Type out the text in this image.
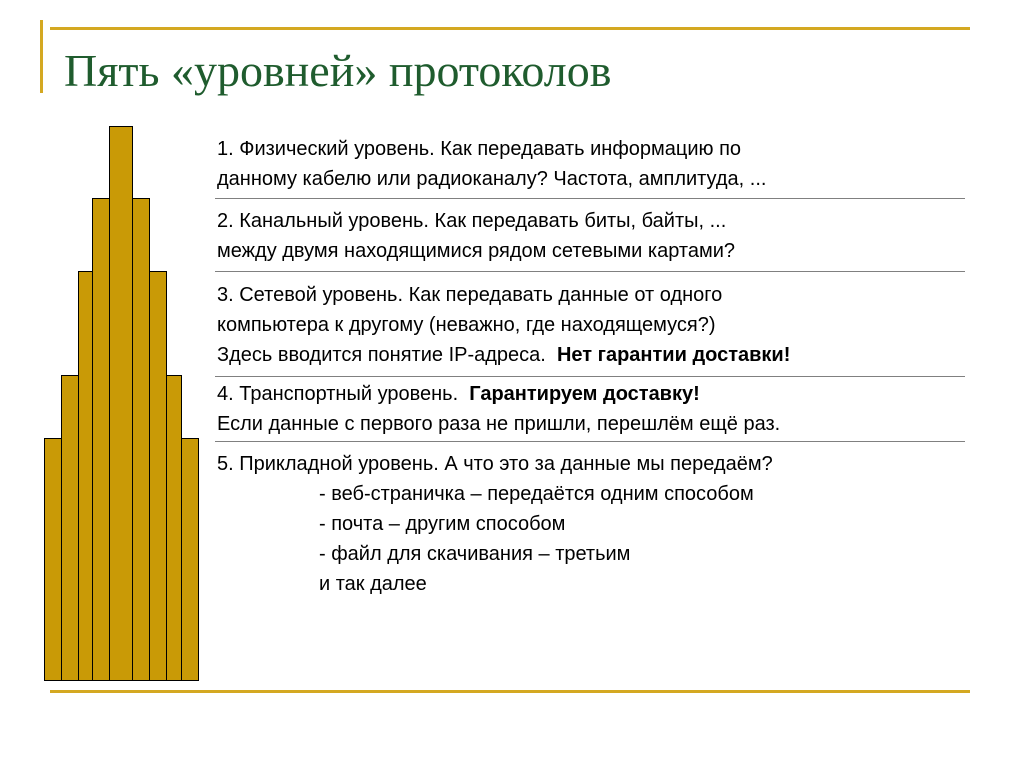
Пять «уровней» протоколов
1. Физический уровень. Как передавать информацию по
данному кабелю или радиоканалу? Частота, амплитуда, ...
2. Канальный уровень. Как передавать биты, байты, ...
между двумя находящимися рядом сетевыми картами?
3. Сетевой уровень. Как передавать данные от одного
компьютера к другому (неважно, где находящемуся?)
Здесь вводится понятие IP-адреса. Нет гарантии доставки!
4. Транспортный уровень. Гарантируем доставку!
Если данные с первого раза не пришли, перешлём ещё раз.
5. Прикладной уровень. А что это за данные мы передаём?
- веб-страничка – передаётся одним способом
- почта – другим способом
- файл для скачивания – третьим
и так далее
